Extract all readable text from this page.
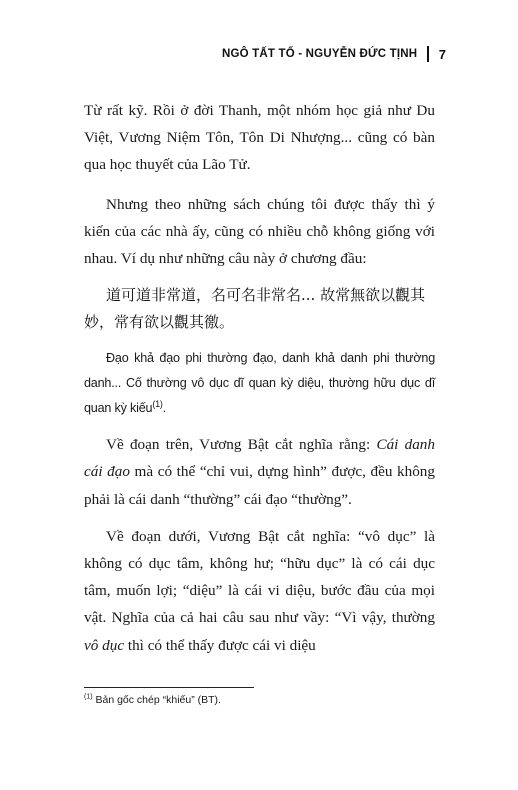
NGÔ TẤT TỐ - NGUYỄN ĐỨC TỊNH 7

Từ rất kỹ. Rồi ở đời Thanh, một nhóm học giả như Du Việt, Vương Niệm Tôn, Tôn Di Nhượng... cũng có bàn qua học thuyết của Lão Tử.

Nhưng theo những sách chúng tôi được thấy thì ý kiến của các nhà ấy, cũng có nhiều chỗ không giống với nhau. Ví dụ như những câu này ở chương đầu:

道可道非常道，名可名非常名... 故常無欲以觀其妙，常有欲以觀其徼。

Đạo khả đạo phi thường đạo, danh khả danh phi thường danh... Cố thường vô dục dĩ quan kỳ diệu, thường hữu dục dĩ quan kỳ kiếu$^{(1)}$.

Về đoạn trên, Vương Bật cắt nghĩa rằng: Cái danh cái đạo mà có thể “chỉ vui, dựng hình” được, đều không phải là cái danh “thường” cái đạo “thường”.

Về đoạn dưới, Vương Bật cắt nghĩa: “vô dục” là không có dục tâm, không hư; “hữu dục” là có cái dục tâm, muốn lợi; “diệu” là cái vi diệu, bước đầu của mọi vật. Nghĩa của cả hai câu sau như vầy: “Vì vậy, thường vô dục thì có thể thấy được cái vi diệu

$^{(1)}$ Bản gốc chép “khiếu” (BT).
